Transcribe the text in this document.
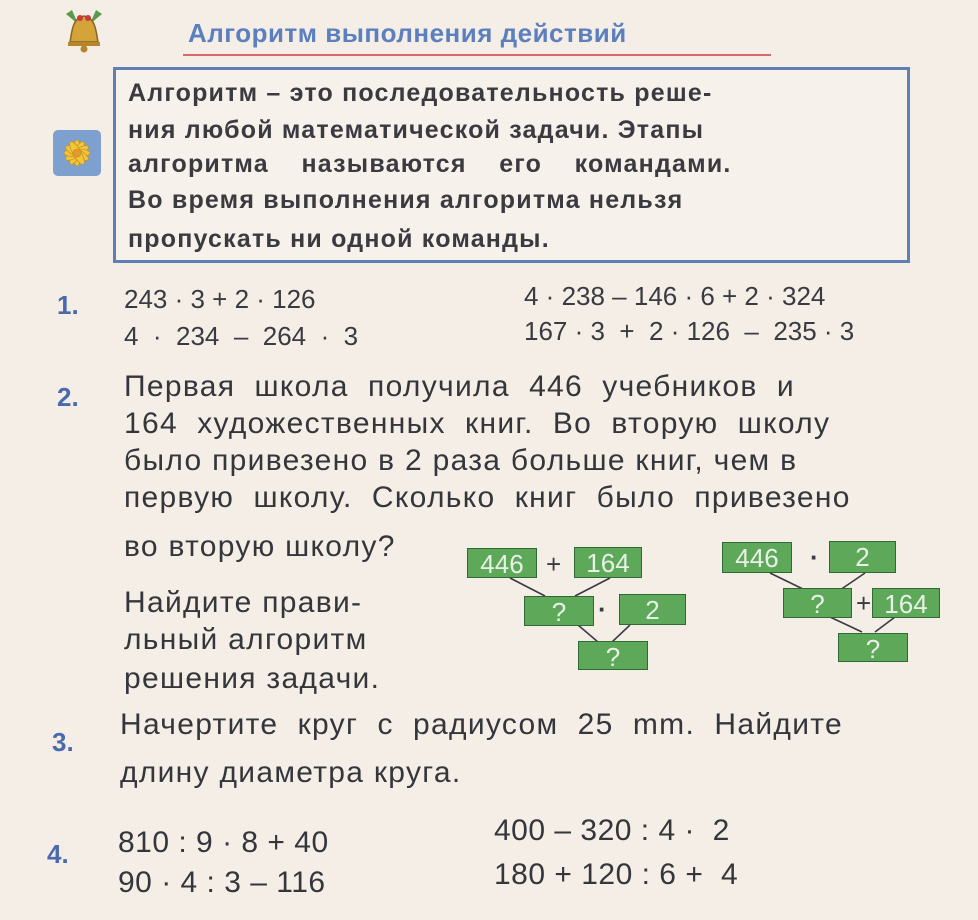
Алгоритм выполнения действий
Алгоритм – это последовательность реше-
ния любой математической задачи. Этапы
алгоритма    называются    его    командами.
Во время выполнения алгоритма нельзя
пропускать ни одной команды.
1. 243 · 3 + 2 · 126
4  ·  234  –  264  ·  3
4 · 238 – 146 · 6 + 2 · 324
167 · 3  +  2 · 126  –  235 · 3
2. Первая  школа  получила  446  учебников  и
164  художественных  книг.  Во  вторую  школу
было привезено в 2 раза больше книг, чем в
первую  школу.  Сколько  книг  было  привезено
во вторую школу?
Найдите прави-
льный алгоритм
решения задачи.
446 + 164
?	·	2
?
446	·	2
?	+ 164
?
3.
Начертите  круг  с  радиусом  25  mm.  Найдите
длину диаметра круга.
4. 810 : 9 · 8 + 40
90 · 4 : 3 – 116
400 – 320 : 4 ·  2
180 + 120 : 6 +  4
